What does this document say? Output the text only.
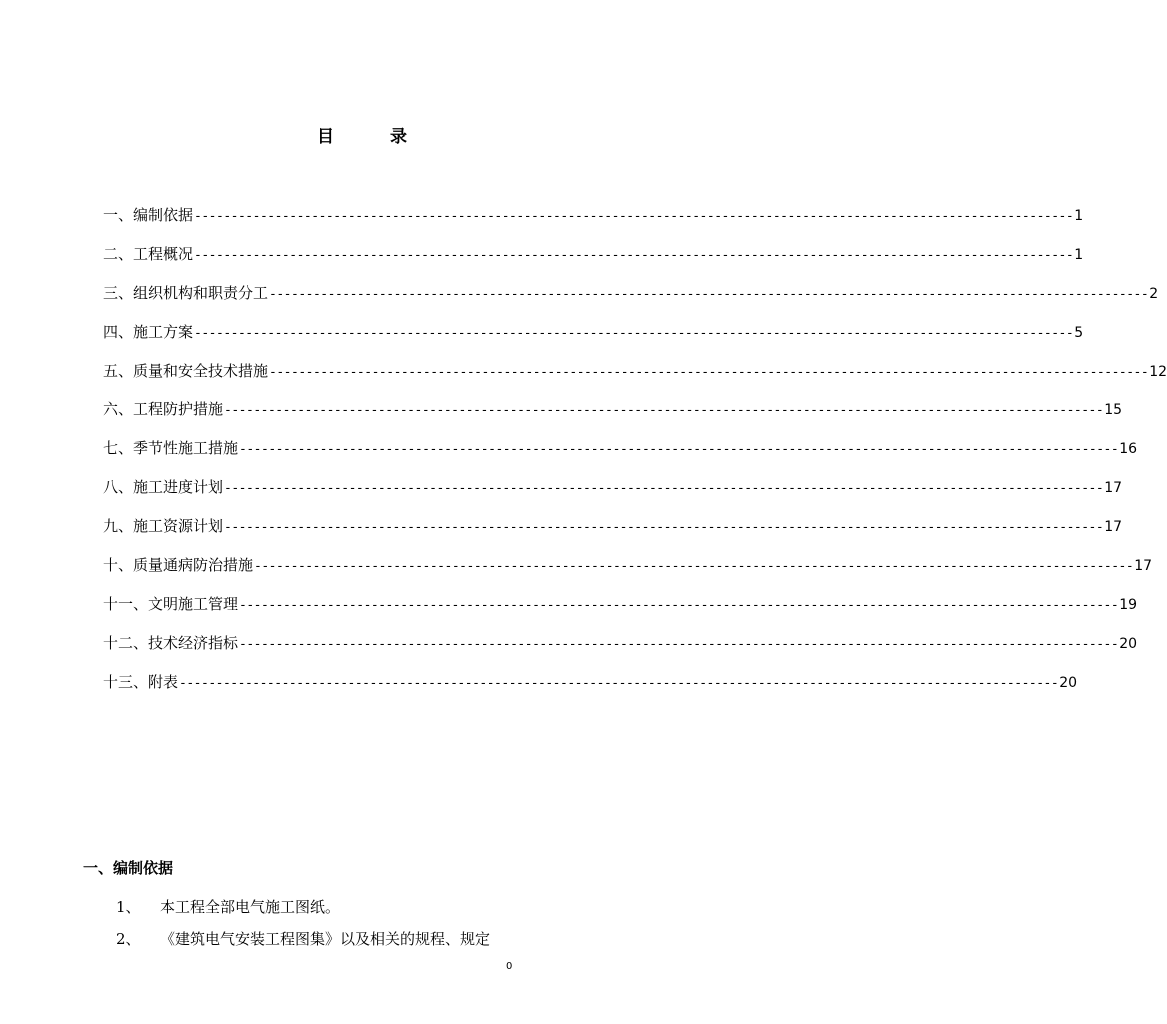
目	录
一、编制依据 ------------------------------------------------------------------------------------------------------------------------ 1
二、工程概况 ------------------------------------------------------------------------------------------------------------------------ 1
三、组织机构和职责分工 ------------------------------------------------------------------------------------------------------------------------ 2
四、施工方案 ------------------------------------------------------------------------------------------------------------------------ 5
五、质量和安全技术措施 ------------------------------------------------------------------------------------------------------------------------ 12
六、工程防护措施 ------------------------------------------------------------------------------------------------------------------------ 15
七、季节性施工措施 ------------------------------------------------------------------------------------------------------------------------ 16
八、施工进度计划 ------------------------------------------------------------------------------------------------------------------------ 17
九、施工资源计划 ------------------------------------------------------------------------------------------------------------------------ 17
十、质量通病防治措施 ------------------------------------------------------------------------------------------------------------------------ 17
十一、文明施工管理 ------------------------------------------------------------------------------------------------------------------------ 19
十二、技术经济指标 ------------------------------------------------------------------------------------------------------------------------ 20
十三、附表 ------------------------------------------------------------------------------------------------------------------------ 20
一、编制依据
1、 本工程全部电气施工图纸。
2、 《建筑电气安装工程图集》以及相关的规程、规定
0
